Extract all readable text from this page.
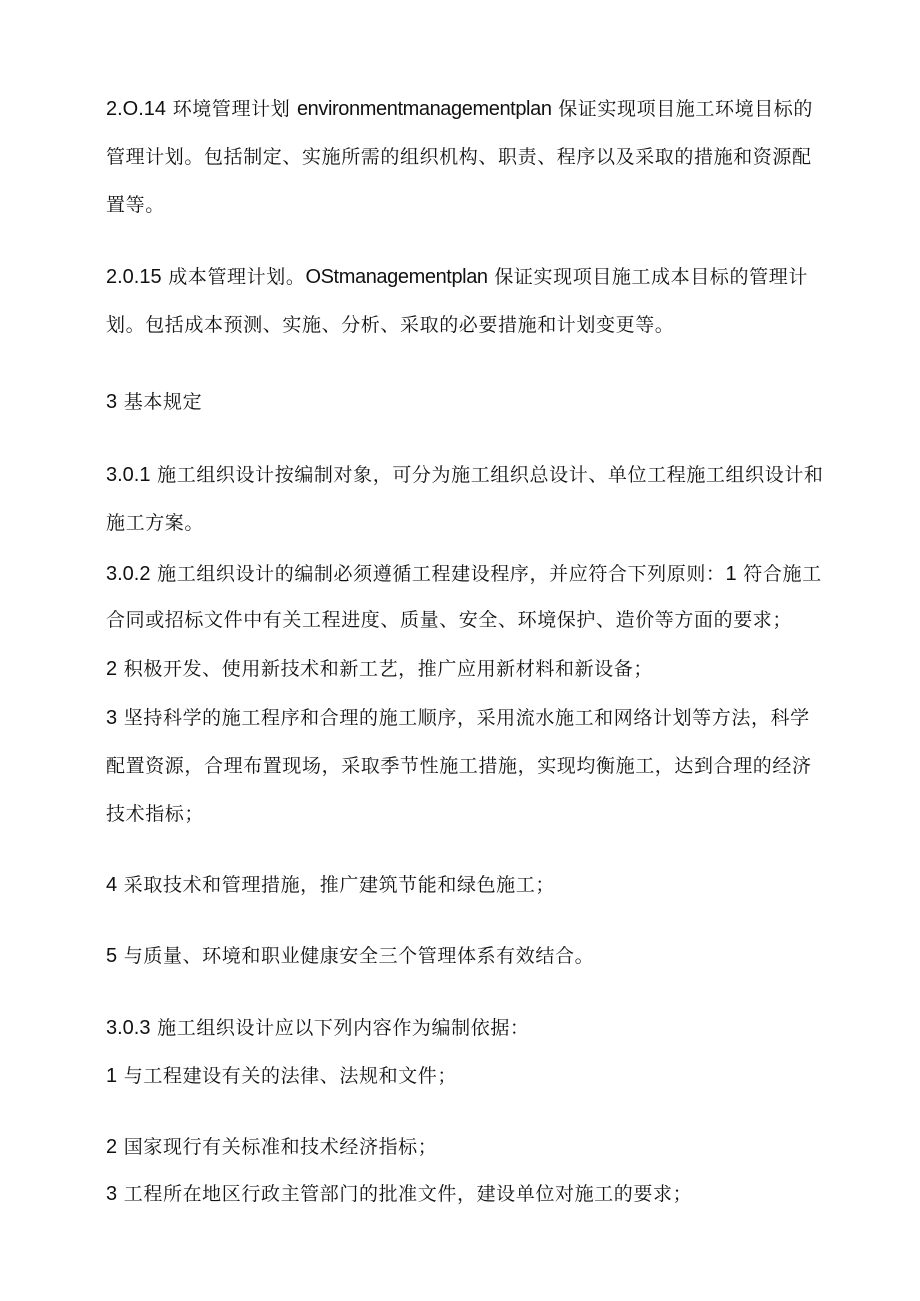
2.O.14 环境管理计划 environmentmanagementplan 保证实现项目施工环境目标的
管理计划。包括制定、实施所需的组织机构、职责、程序以及采取的措施和资源配
置等。
2.0.15 成本管理计划。OStmanagementplan 保证实现项目施工成本目标的管理计
划。包括成本预测、实施、分析、采取的必要措施和计划变更等。
3 基本规定
3.0.1 施工组织设计按编制对象，可分为施工组织总设计、单位工程施工组织设计和
施工方案。
3.0.2 施工组织设计的编制必须遵循工程建设程序，并应符合下列原则：1 符合施工
合同或招标文件中有关工程进度、质量、安全、环境保护、造价等方面的要求；
2 积极开发、使用新技术和新工艺，推广应用新材料和新设备；
3 坚持科学的施工程序和合理的施工顺序，采用流水施工和网络计划等方法，科学
配置资源，合理布置现场，采取季节性施工措施，实现均衡施工，达到合理的经济
技术指标；
4 采取技术和管理措施，推广建筑节能和绿色施工；
5 与质量、环境和职业健康安全三个管理体系有效结合。
3.0.3 施工组织设计应以下列内容作为编制依据：
1 与工程建设有关的法律、法规和文件；
2 国家现行有关标准和技术经济指标；
3 工程所在地区行政主管部门的批准文件，建设单位对施工的要求；
